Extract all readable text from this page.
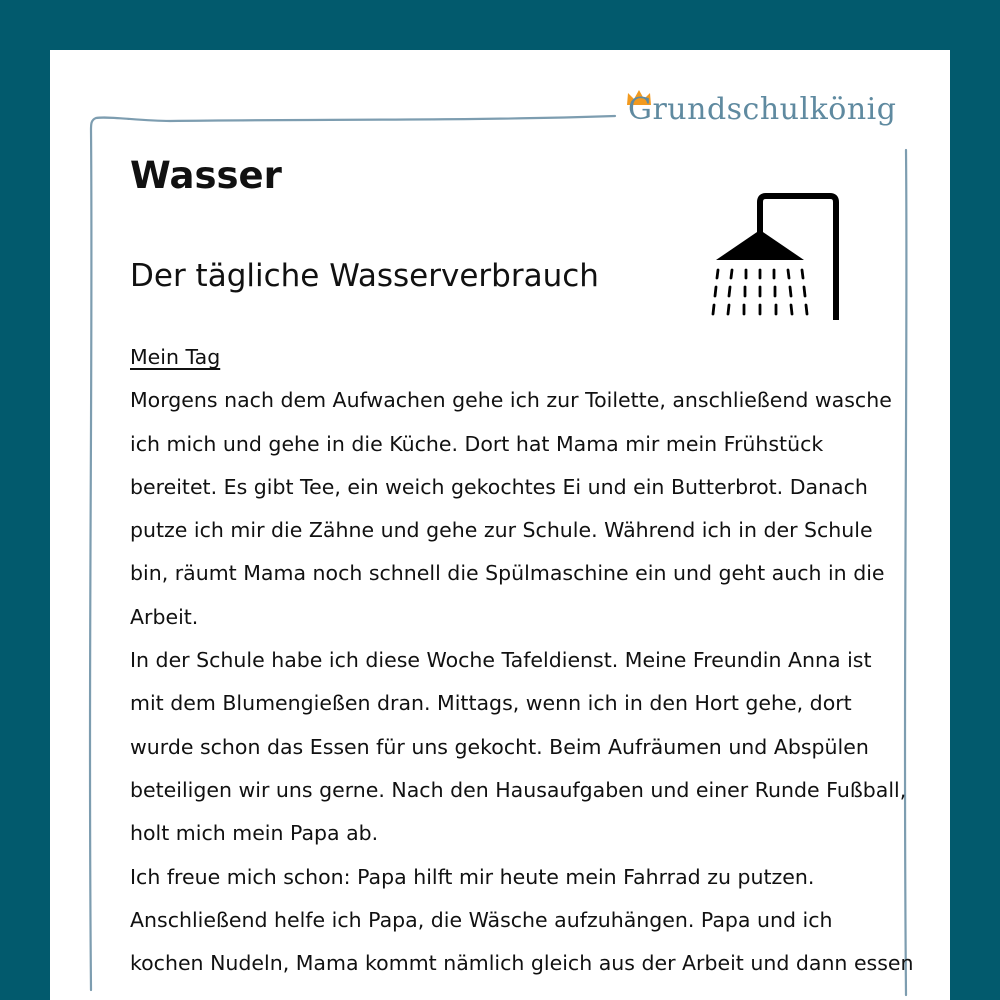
Grundschulkönig
Wasser
Der tägliche Wasserverbrauch
Mein Tag
Morgens nach dem Aufwachen gehe ich zur Toilette, anschließend wasche
ich mich und gehe in die Küche. Dort hat Mama mir mein Frühstück
bereitet. Es gibt Tee, ein weich gekochtes Ei und ein Butterbrot. Danach
putze ich mir die Zähne und gehe zur Schule. Während ich in der Schule
bin, räumt Mama noch schnell die Spülmaschine ein und geht auch in die
Arbeit.
In der Schule habe ich diese Woche Tafeldienst. Meine Freundin Anna ist
mit dem Blumengießen dran. Mittags, wenn ich in den Hort gehe, dort
wurde schon das Essen für uns gekocht. Beim Aufräumen und Abspülen
beteiligen wir uns gerne. Nach den Hausaufgaben und einer Runde Fußball,
holt mich mein Papa ab.
Ich freue mich schon: Papa hilft mir heute mein Fahrrad zu putzen.
Anschließend helfe ich Papa, die Wäsche aufzuhängen. Papa und ich
kochen Nudeln, Mama kommt nämlich gleich aus der Arbeit und dann essen
